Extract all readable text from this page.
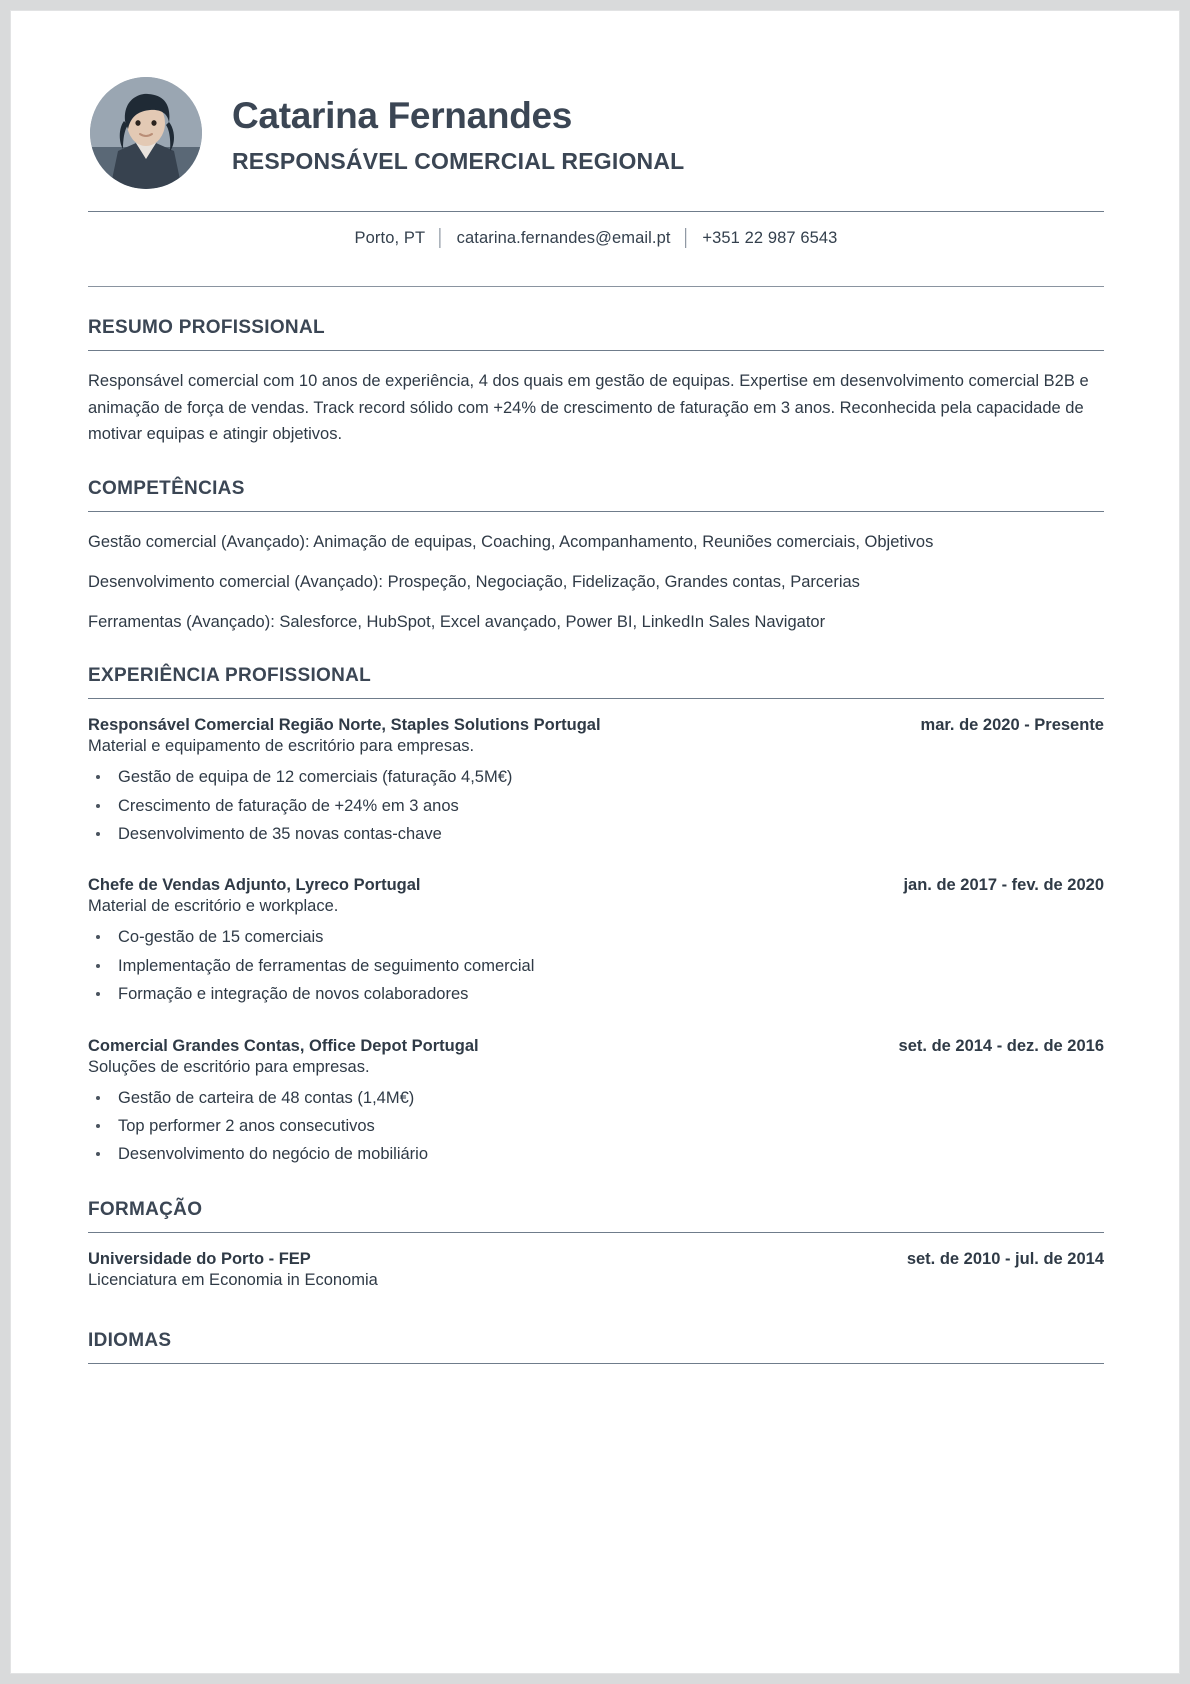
Catarina Fernandes
RESPONSÁVEL COMERCIAL REGIONAL
Porto, PT │ catarina.fernandes@email.pt │ +351 22 987 6543
RESUMO PROFISSIONAL

Responsável comercial com 10 anos de experiência, 4 dos quais em gestão de equipas. Expertise em desenvolvimento comercial B2B e animação de força de vendas. Track record sólido com +24% de crescimento de faturação em 3 anos. Reconhecida pela capacidade de motivar equipas e atingir objetivos.

COMPETÊNCIAS
Gestão comercial (Avançado): Animação de equipas, Coaching, Acompanhamento, Reuniões comerciais, Objetivos
Desenvolvimento comercial (Avançado): Prospeção, Negociação, Fidelização, Grandes contas, Parcerias
Ferramentas (Avançado): Salesforce, HubSpot, Excel avançado, Power BI, LinkedIn Sales Navigator
EXPERIÊNCIA PROFISSIONAL
Responsável Comercial Região Norte, Staples Solutions Portugal	mar. de 2020 - Presente
Material e equipamento de escritório para empresas.
Gestão de equipa de 12 comerciais (faturação 4,5M€)
Crescimento de faturação de +24% em 3 anos
Desenvolvimento de 35 novas contas-chave
Chefe de Vendas Adjunto, Lyreco Portugal	jan. de 2017 - fev. de 2020
Material de escritório e workplace.
Co-gestão de 15 comerciais
Implementação de ferramentas de seguimento comercial
Formação e integração de novos colaboradores
Comercial Grandes Contas, Office Depot Portugal	set. de 2014 - dez. de 2016
Soluções de escritório para empresas.
Gestão de carteira de 48 contas (1,4M€)
Top performer 2 anos consecutivos
Desenvolvimento do negócio de mobiliário
FORMAÇÃO
Universidade do Porto - FEP	set. de 2010 - jul. de 2014
Licenciatura em Economia in Economia
IDIOMAS
